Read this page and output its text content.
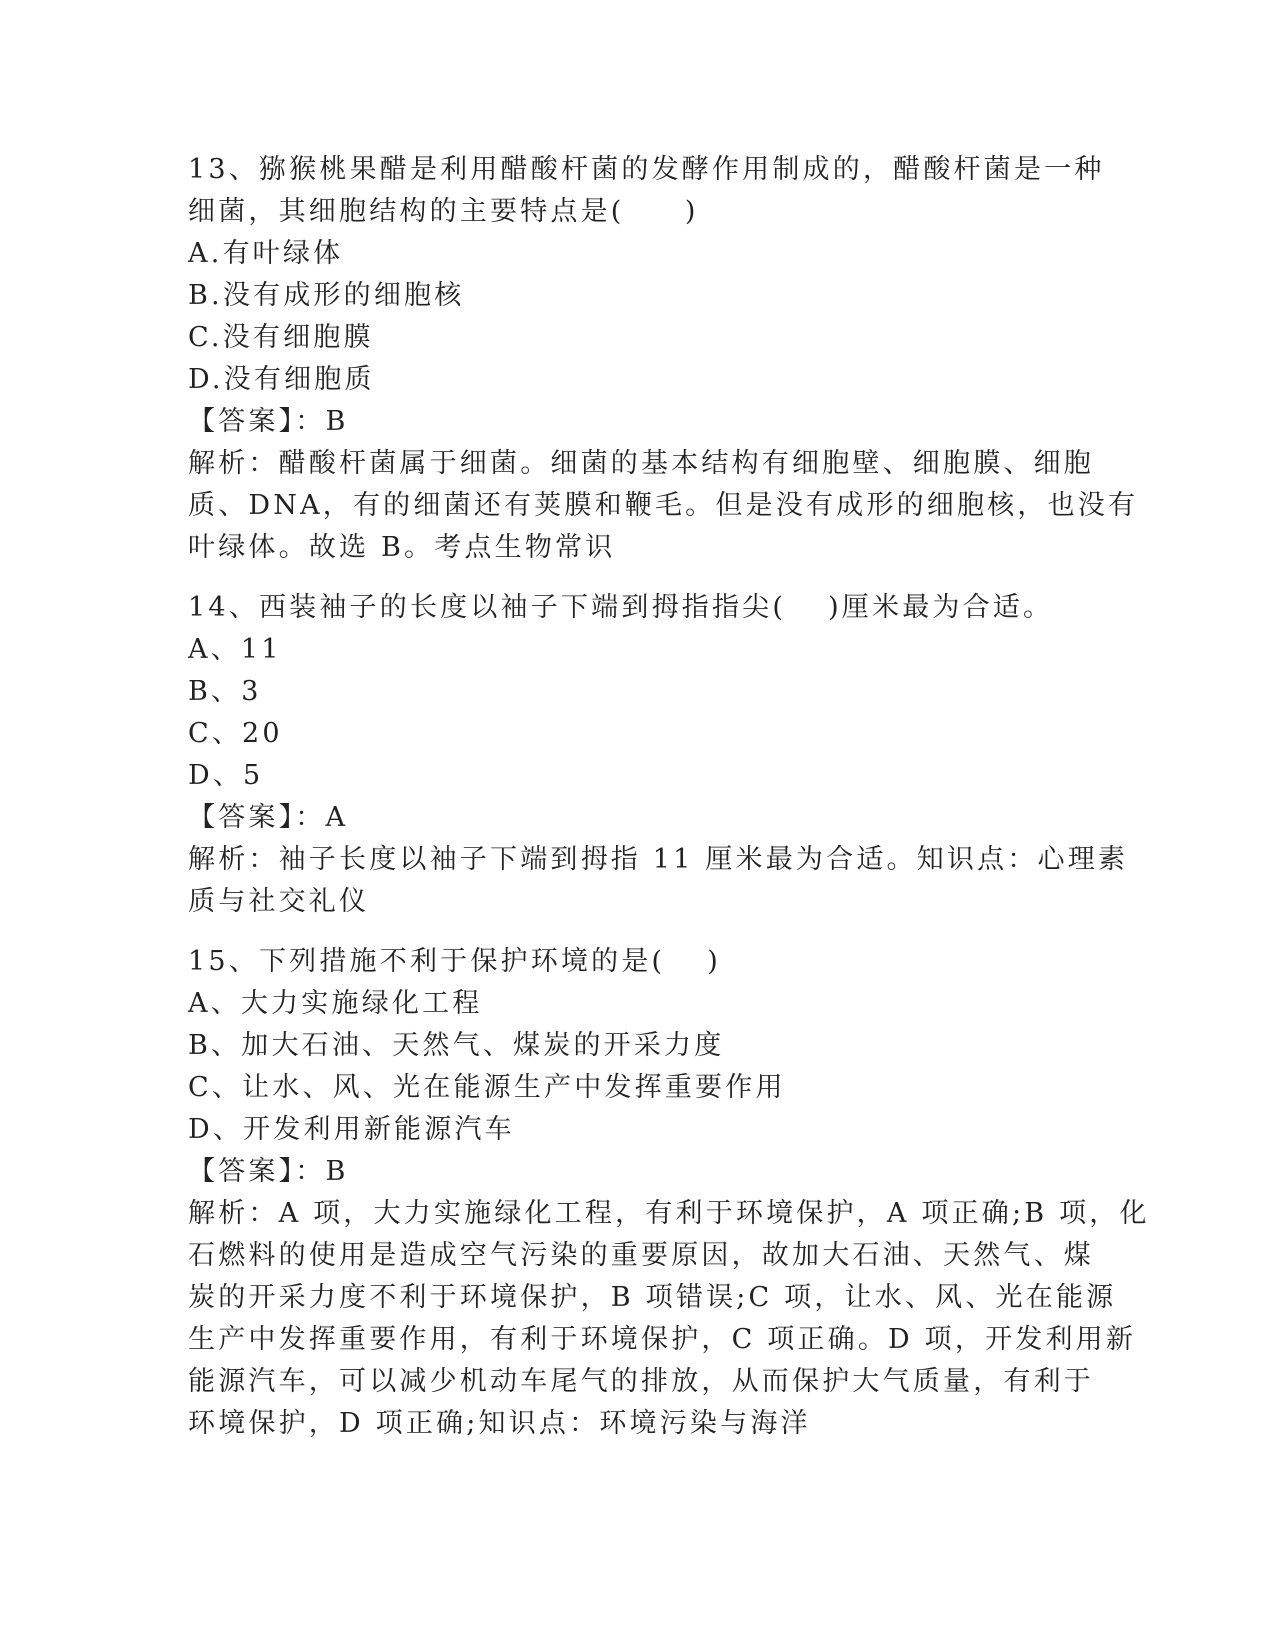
13、猕猴桃果醋是利用醋酸杆菌的发酵作用制成的，醋酸杆菌是一种
细菌，其细胞结构的主要特点是(　　)
A.有叶绿体
B.没有成形的细胞核
C.没有细胞膜
D.没有细胞质
【答案】：B
解析：醋酸杆菌属于细菌。细菌的基本结构有细胞壁、细胞膜、细胞
质、DNA，有的细菌还有荚膜和鞭毛。但是没有成形的细胞核，也没有
叶绿体。故选 B。考点生物常识
14、西装袖子的长度以袖子下端到拇指指尖(　 )厘米最为合适。
A、11
B、3
C、20
D、5
【答案】：A
解析：袖子长度以袖子下端到拇指 11 厘米最为合适。知识点：心理素
质与社交礼仪
15、下列措施不利于保护环境的是(　 )
A、大力实施绿化工程
B、加大石油、天然气、煤炭的开采力度
C、让水、风、光在能源生产中发挥重要作用
D、开发利用新能源汽车
【答案】：B
解析：A 项，大力实施绿化工程，有利于环境保护，A 项正确;B 项，化
石燃料的使用是造成空气污染的重要原因，故加大石油、天然气、煤
炭的开采力度不利于环境保护，B 项错误;C 项，让水、风、光在能源
生产中发挥重要作用，有利于环境保护，C 项正确。D 项，开发利用新
能源汽车，可以减少机动车尾气的排放，从而保护大气质量，有利于
环境保护，D 项正确;知识点：环境污染与海洋
